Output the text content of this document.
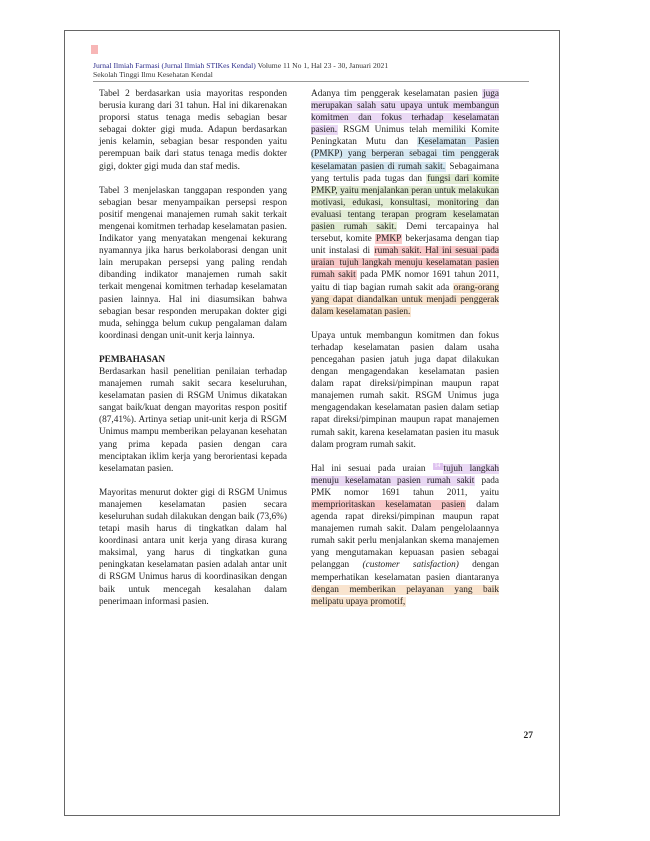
Jurnal Ilmiah Farmasi (Jurnal Ilmiah STIKes Kendal) Volume 11 No 1, Hal 23 - 30, Januari 2021
Sekolah Tinggi Ilmu Kesehatan Kendal

Tabel 2 berdasarkan usia mayoritas responden berusia kurang dari 31 tahun. Hal ini dikarenakan proporsi status tenaga medis sebagian besar sebagai dokter gigi muda. Adapun berdasarkan jenis kelamin, sebagian besar responden yaitu perempuan baik dari status tenaga medis dokter gigi, dokter gigi muda dan staf medis.

Tabel 3 menjelaskan tanggapan responden yang sebagian besar menyampaikan persepsi respon positif mengenai manajemen rumah sakit terkait mengenai komitmen terhadap keselamatan pasien. Indikator yang menyatakan mengenai kekurang nyamannya jika harus berkolaborasi dengan unit lain merupakan persepsi yang paling rendah dibanding indikator manajemen rumah sakit terkait mengenai komitmen terhadap keselamatan pasien lainnya. Hal ini diasumsikan bahwa sebagian besar responden merupakan dokter gigi muda, sehingga belum cukup pengalaman dalam koordinasi dengan unit-unit kerja lainnya.

PEMBAHASAN

Berdasarkan hasil penelitian penilaian terhadap manajemen rumah sakit secara keseluruhan, keselamatan pasien di RSGM Unimus dikatakan sangat baik/kuat dengan mayoritas respon positif (87,41%). Artinya setiap unit-unit kerja di RSGM Unimus mampu memberikan pelayanan kesehatan yang prima kepada pasien dengan cara menciptakan iklim kerja yang berorientasi kepada keselamatan pasien.

Mayoritas menurut dokter gigi di RSGM Unimus manajemen keselamatan pasien secara keseluruhan sudah dilakukan dengan baik (73,6%) tetapi masih harus di tingkatkan dalam hal koordinasi antara unit kerja yang dirasa kurang maksimal, yang harus di tingkatkan guna peningkatan keselamatan pasien adalah antar unit di RSGM Unimus harus di koordinasikan dengan baik untuk mencegah kesalahan dalam penerimaan informasi pasien.

Adanya tim penggerak keselamatan pasien juga merupakan salah satu upaya untuk membangun komitmen dan fokus terhadap keselamatan pasien. RSGM Unimus telah memiliki Komite Peningkatan Mutu dan Keselamatan Pasien (PMKP) yang berperan sebagai tim penggerak keselamatan pasien di rumah sakit. Sebagaimana yang tertulis pada tugas dan fungsi dari komite PMKP, yaitu menjalankan peran untuk melakukan motivasi, edukasi, konsultasi, monitoring dan evaluasi tentang terapan program keselamatan pasien rumah sakit. Demi tercapainya hal tersebut, komite PMKP bekerjasama dengan tiap unit instalasi di rumah sakit. Hal ini sesuai pada uraian tujuh langkah menuju keselamatan pasien rumah sakit pada PMK nomor 1691 tahun 2011, yaitu di tiap bagian rumah sakit ada orang-orang yang dapat diandalkan untuk menjadi penggerak dalam keselamatan pasien.

Upaya untuk membangun komitmen dan fokus terhadap keselamatan pasien dalam usaha pencegahan pasien jatuh juga dapat dilakukan dengan mengagendakan keselamatan pasien dalam rapat direksi/pimpinan maupun rapat manajemen rumah sakit. RSGM Unimus juga mengagendakan keselamatan pasien dalam setiap rapat direksi/pimpinan maupun rapat manajemen rumah sakit, karena keselamatan pasien itu masuk dalam program rumah sakit.

Hal ini sesuai pada uraian 14 tujuh langkah menuju keselamatan pasien rumah sakit pada PMK nomor 1691 tahun 2011, yaitu memprioritaskan keselamatan pasien dalam agenda rapat direksi/pimpinan maupun rapat manajemen rumah sakit. Dalam pengelolaannya rumah sakit perlu menjalankan skema manajemen yang mengutamakan kepuasan pasien sebagai pelanggan (customer satisfaction) dengan memperhatikan keselamatan pasien diantaranya dengan memberikan pelayanan yang baik melipatu upaya promotif,

27
